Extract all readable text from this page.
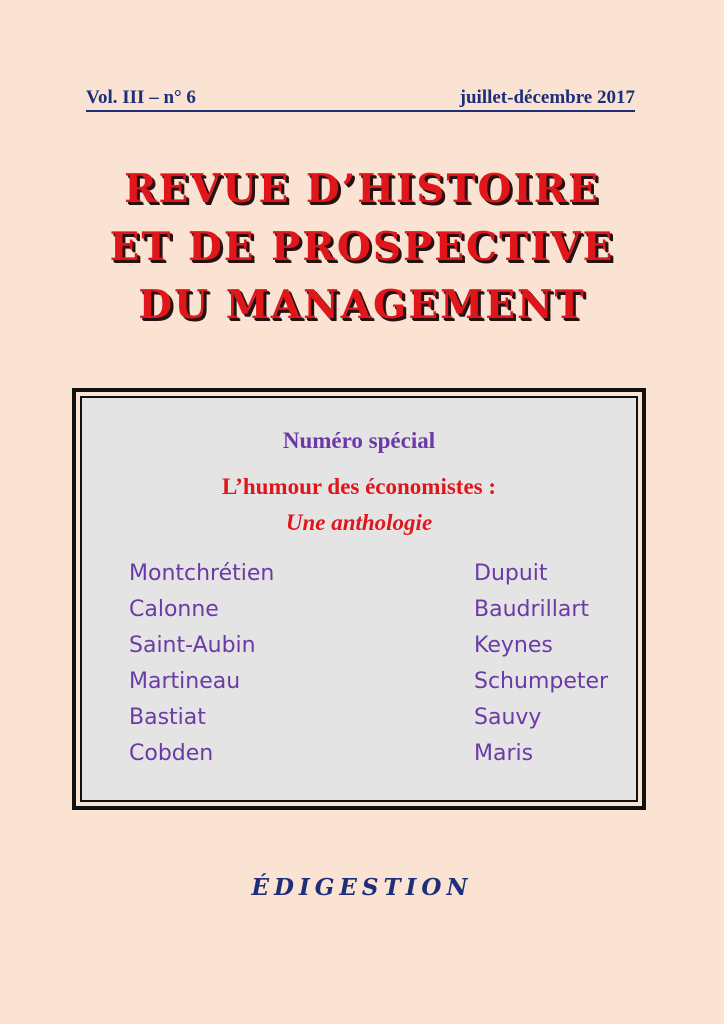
Vol. III – n° 6	juillet-décembre 2017
REVUE D’HISTOIRE
ET DE PROSPECTIVE
DU MANAGEMENT
Numéro spécial
L’humour des économistes :
Une anthologie
Montchrétien
Calonne
Saint-Aubin
Martineau
Bastiat
Cobden
Dupuit
Baudrillart
Keynes
Schumpeter
Sauvy
Maris
ÉDIGESTION
